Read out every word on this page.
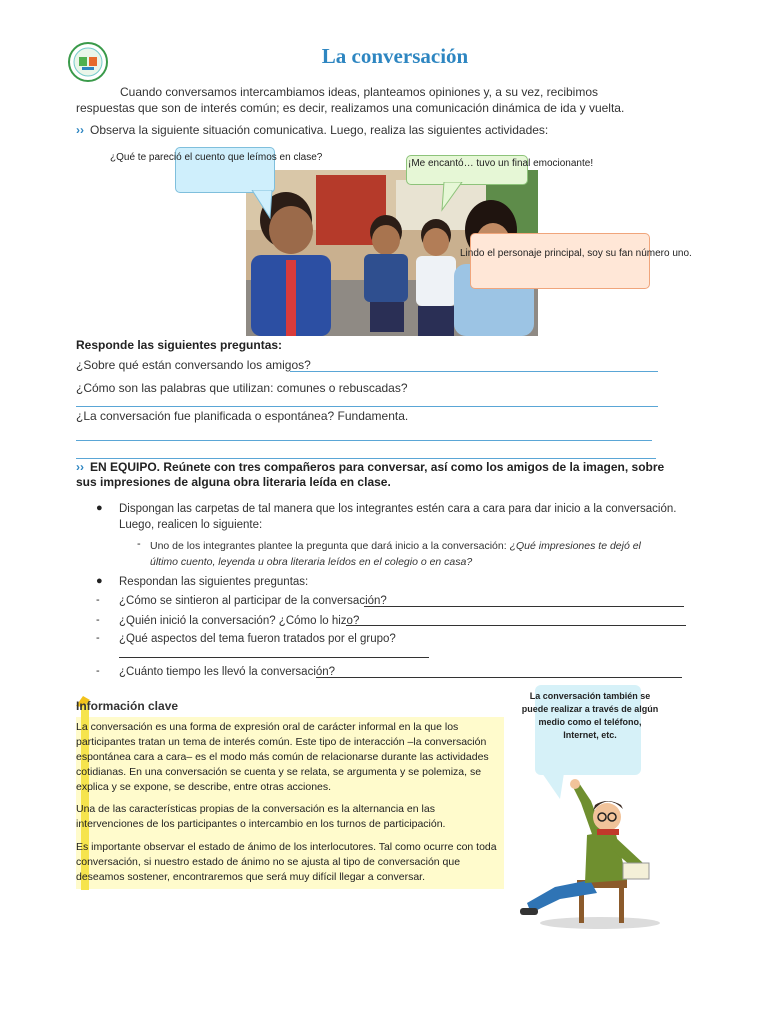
La conversación
Cuando conversamos intercambiamos ideas, planteamos opiniones y, a su vez, recibimos respuestas que son de interés común; es decir, realizamos una comunicación dinámica de ida y vuelta.
›› Observa la siguiente situación comunicativa. Luego, realiza las siguientes actividades:
¿Qué te pareció el cuento que leímos en clase?
¡Me encantó… tuvo un final emocionante!
Lindo el personaje principal, soy su fan número uno.
Responde las siguientes preguntas:
¿Sobre qué están conversando los amigos?
¿Cómo son las palabras que utilizan: comunes o rebuscadas?
¿La conversación fue planificada o espontánea? Fundamenta.
›› EN EQUIPO. Reúnete con tres compañeros para conversar, así como los amigos de la imagen, sobre sus impresiones de alguna obra literaria leída en clase.
● Dispongan las carpetas de tal manera que los integrantes estén cara a cara para dar inicio a la conversación.
Luego, realicen lo siguiente:
- Uno de los integrantes plantee la pregunta que dará inicio a la conversación: ¿Qué impresiones te dejó el
último cuento, leyenda u obra literaria leídos en el colegio o en casa?
● Respondan las siguientes preguntas:
- ¿Cómo se sintieron al participar de la conversación?
- ¿Quién inició la conversación? ¿Cómo lo hizo?
- ¿Qué aspectos del tema fueron tratados por el grupo?
- ¿Cuánto tiempo les llevó la conversación?
Información clave
La conversación es una forma de expresión oral de carácter informal en la que los participantes tratan un tema de interés común. Este tipo de interacción –la conversación espontánea cara a cara– es el modo más común de relacionarse durante las actividades cotidianas. En una conversación se cuenta y se relata, se argumenta y se polemiza, se explica y se expone, se describe, entre otras acciones.
Una de las características propias de la conversación es la alternancia en las intervenciones de los participantes o intercambio en los turnos de participación.
Es importante observar el estado de ánimo de los interlocutores. Tal como ocurre con toda conversación, si nuestro estado de ánimo no se ajusta al tipo de conversación que deseamos sostener, encontraremos que será muy difícil llegar a conversar.
La conversación también se puede realizar a través de algún medio como el teléfono, Internet, etc.
